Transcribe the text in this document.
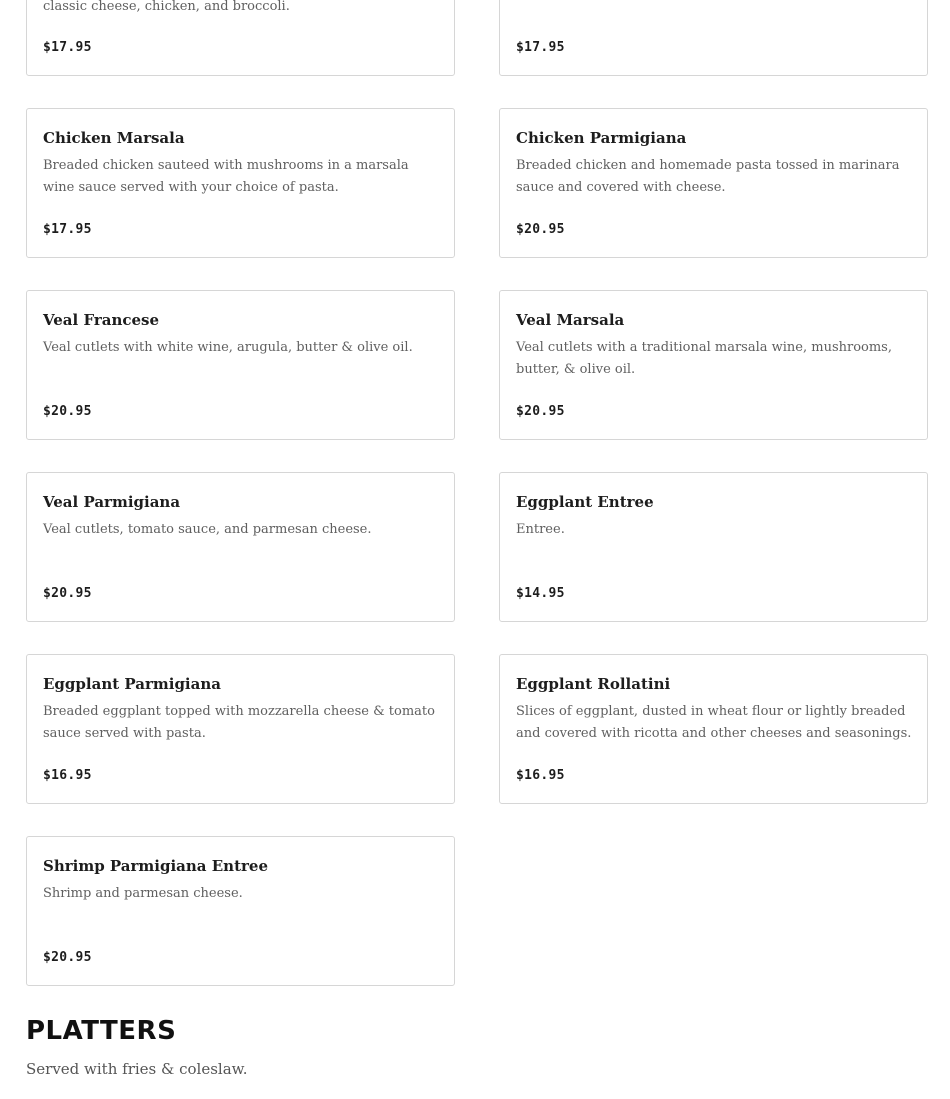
classic cheese, chicken, and broccoli.
$17.95	$17.95
Chicken Marsala
Breaded chicken sauteed with mushrooms in a marsala wine sauce served with your choice of pasta.
$17.95
Chicken Parmigiana
Breaded chicken and homemade pasta tossed in marinara sauce and covered with cheese.
$20.95
Veal Francese
Veal cutlets with white wine, arugula, butter & olive oil.
$20.95
Veal Marsala
Veal cutlets with a traditional marsala wine, mushrooms, butter, & olive oil.
$20.95
Veal Parmigiana
Veal cutlets, tomato sauce, and parmesan cheese.
$20.95
Eggplant Entree
Entree.
$14.95
Eggplant Parmigiana
Breaded eggplant topped with mozzarella cheese & tomato sauce served with pasta.
$16.95
Eggplant Rollatini
Slices of eggplant, dusted in wheat flour or lightly breaded and covered with ricotta and other cheeses and seasonings.
$16.95
Shrimp Parmigiana Entree
Shrimp and parmesan cheese.
$20.95
PLATTERS
Served with fries & coleslaw.
